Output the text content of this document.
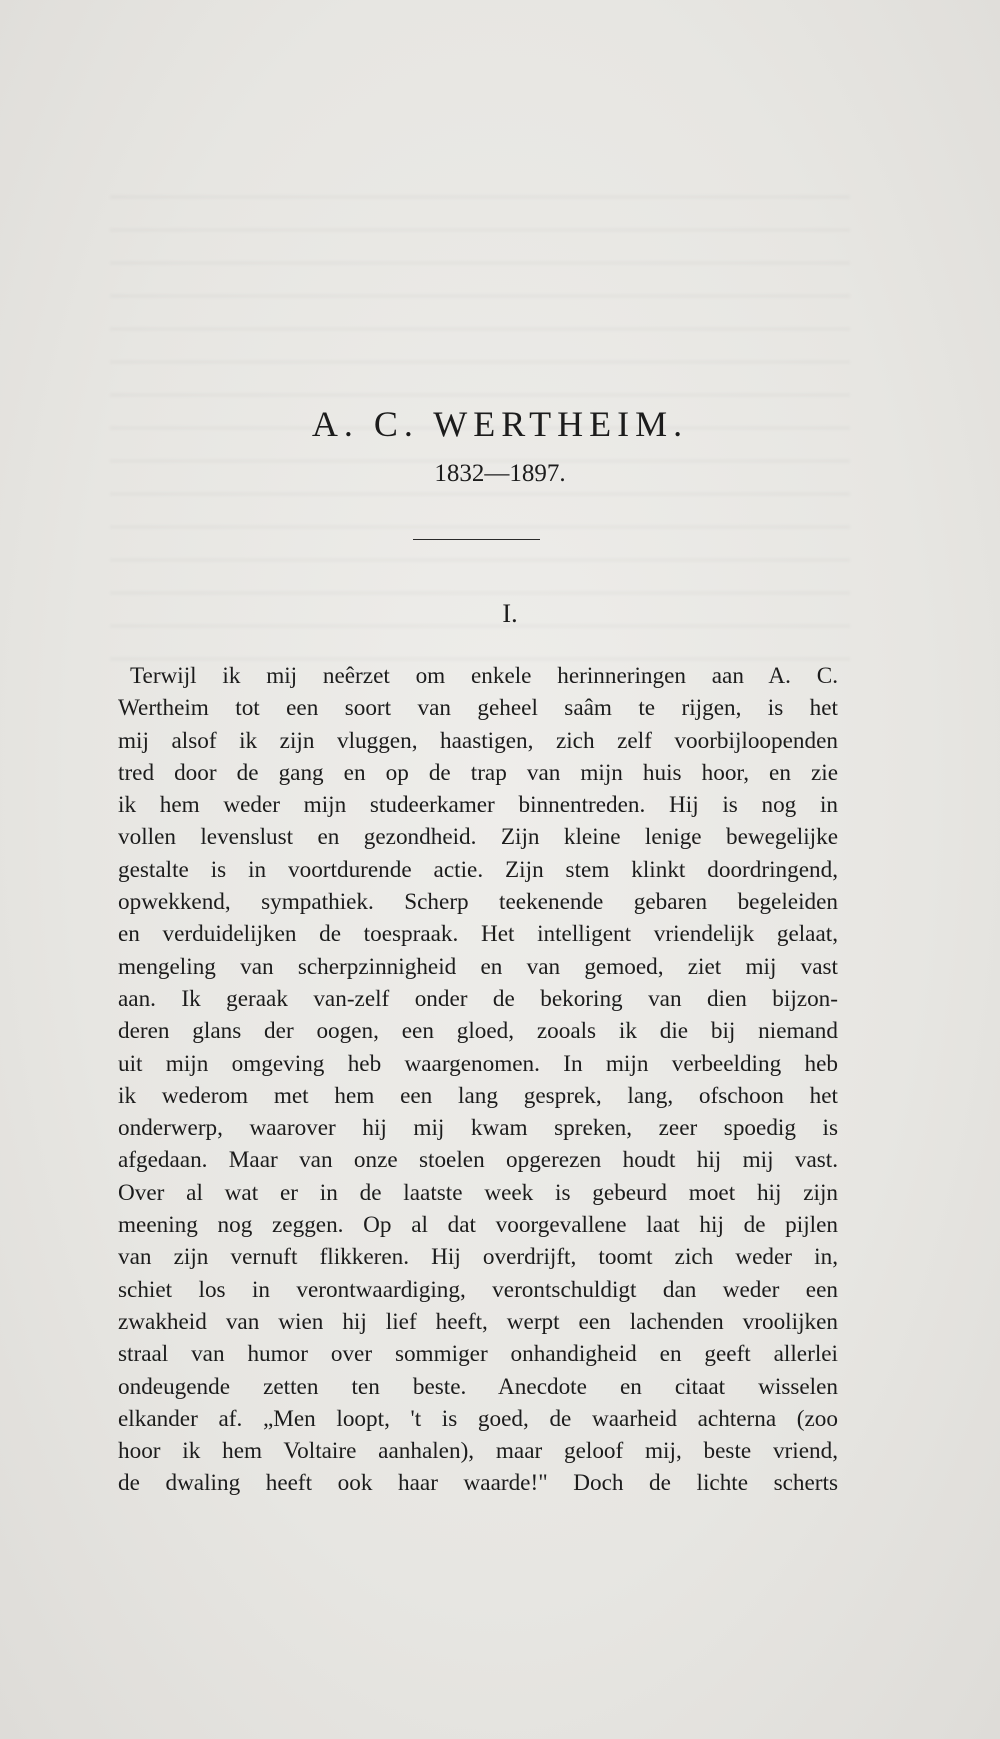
A. C. WERTHEIM.
1832—1897.
I.
Terwijl ik mij neêrzet om enkele herinneringen aan A. C.
Wertheim tot een soort van geheel saâm te rijgen, is het
mij alsof ik zijn vluggen, haastigen, zich zelf voorbijloopenden
tred door de gang en op de trap van mijn huis hoor, en zie
ik hem weder mijn studeerkamer binnentreden. Hij is nog in
vollen levenslust en gezondheid. Zijn kleine lenige bewegelijke
gestalte is in voortdurende actie. Zijn stem klinkt doordringend,
opwekkend, sympathiek. Scherp teekenende gebaren begeleiden
en verduidelijken de toespraak. Het intelligent vriendelijk gelaat,
mengeling van scherpzinnigheid en van gemoed, ziet mij vast
aan. Ik geraak van-zelf onder de bekoring van dien bijzon-
deren glans der oogen, een gloed, zooals ik die bij niemand
uit mijn omgeving heb waargenomen. In mijn verbeelding heb
ik wederom met hem een lang gesprek, lang, ofschoon het
onderwerp, waarover hij mij kwam spreken, zeer spoedig is
afgedaan. Maar van onze stoelen opgerezen houdt hij mij vast.
Over al wat er in de laatste week is gebeurd moet hij zijn
meening nog zeggen. Op al dat voorgevallene laat hij de pijlen
van zijn vernuft flikkeren. Hij overdrijft, toomt zich weder in,
schiet los in verontwaardiging, verontschuldigt dan weder een
zwakheid van wien hij lief heeft, werpt een lachenden vroolijken
straal van humor over sommiger onhandigheid en geeft allerlei
ondeugende zetten ten beste. Anecdote en citaat wisselen
elkander af. „Men loopt, 't is goed, de waarheid achterna (zoo
hoor ik hem Voltaire aanhalen), maar geloof mij, beste vriend,
de dwaling heeft ook haar waarde!" Doch de lichte scherts
